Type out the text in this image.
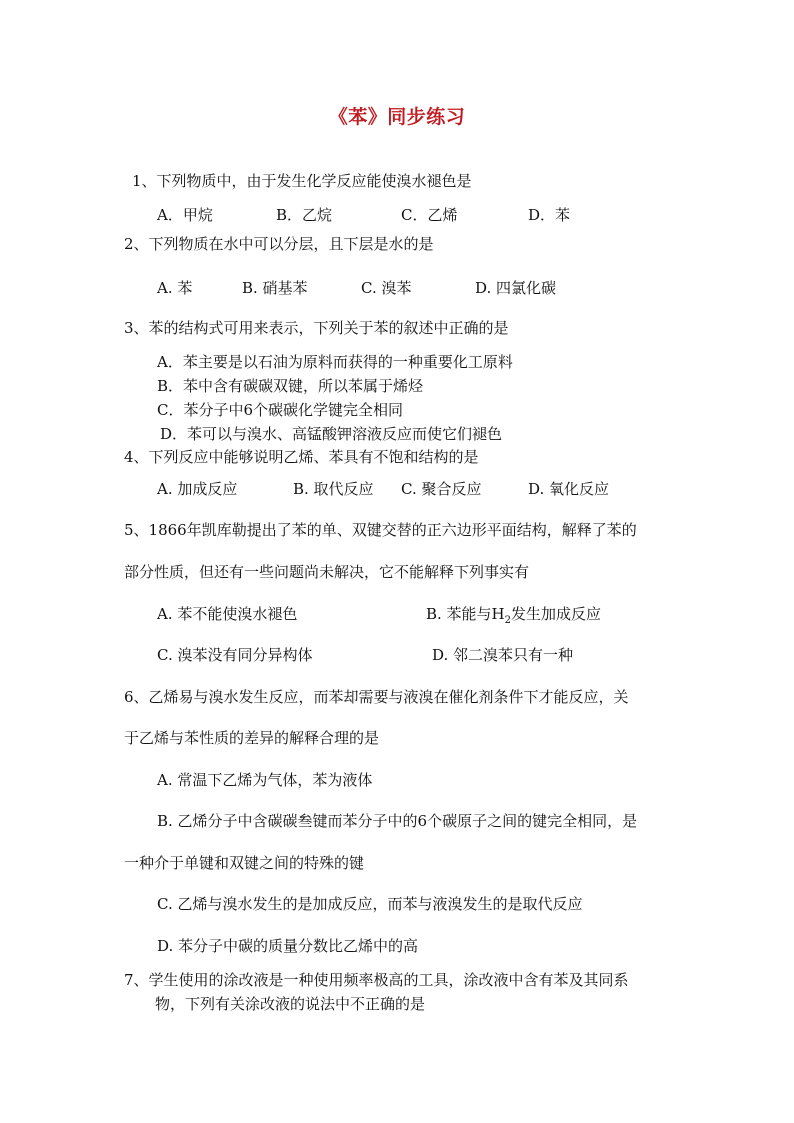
《苯》同步练习
1、下列物质中，由于发生化学反应能使溴水褪色是
A．甲烷	B．乙烷	C．乙烯	D．苯
2、下列物质在水中可以分层，且下层是水的是
A. 苯	B. 硝基苯	C. 溴苯	D. 四氯化碳
3、苯的结构式可用来表示，下列关于苯的叙述中正确的是
A．苯主要是以石油为原料而获得的一种重要化工原料
B．苯中含有碳碳双键，所以苯属于烯烃
C．苯分子中6个碳碳化学键完全相同
D．苯可以与溴水、高锰酸钾溶液反应而使它们褪色
4、下列反应中能够说明乙烯、苯具有不饱和结构的是
A. 加成反应	B. 取代反应 C. 聚合反应	D. 氧化反应
5、1866年凯库勒提出了苯的单、双键交替的正六边形平面结构，解释了苯的
部分性质，但还有一些问题尚未解决，它不能解释下列事实有
A. 苯不能使溴水褪色	B. 苯能与$H_2$发生加成反应
C. 溴苯没有同分异构体	D. 邻二溴苯只有一种
6、乙烯易与溴水发生反应，而苯却需要与液溴在催化剂条件下才能反应，关
于乙烯与苯性质的差异的解释合理的是
A. 常温下乙烯为气体，苯为液体
B. 乙烯分子中含碳碳叁键而苯分子中的6个碳原子之间的键完全相同，是
一种介于单键和双键之间的特殊的键
C. 乙烯与溴水发生的是加成反应，而苯与液溴发生的是取代反应
D. 苯分子中碳的质量分数比乙烯中的高
7、学生使用的涂改液是一种使用频率极高的工具，涂改液中含有苯及其同系
物，下列有关涂改液的说法中不正确的是
